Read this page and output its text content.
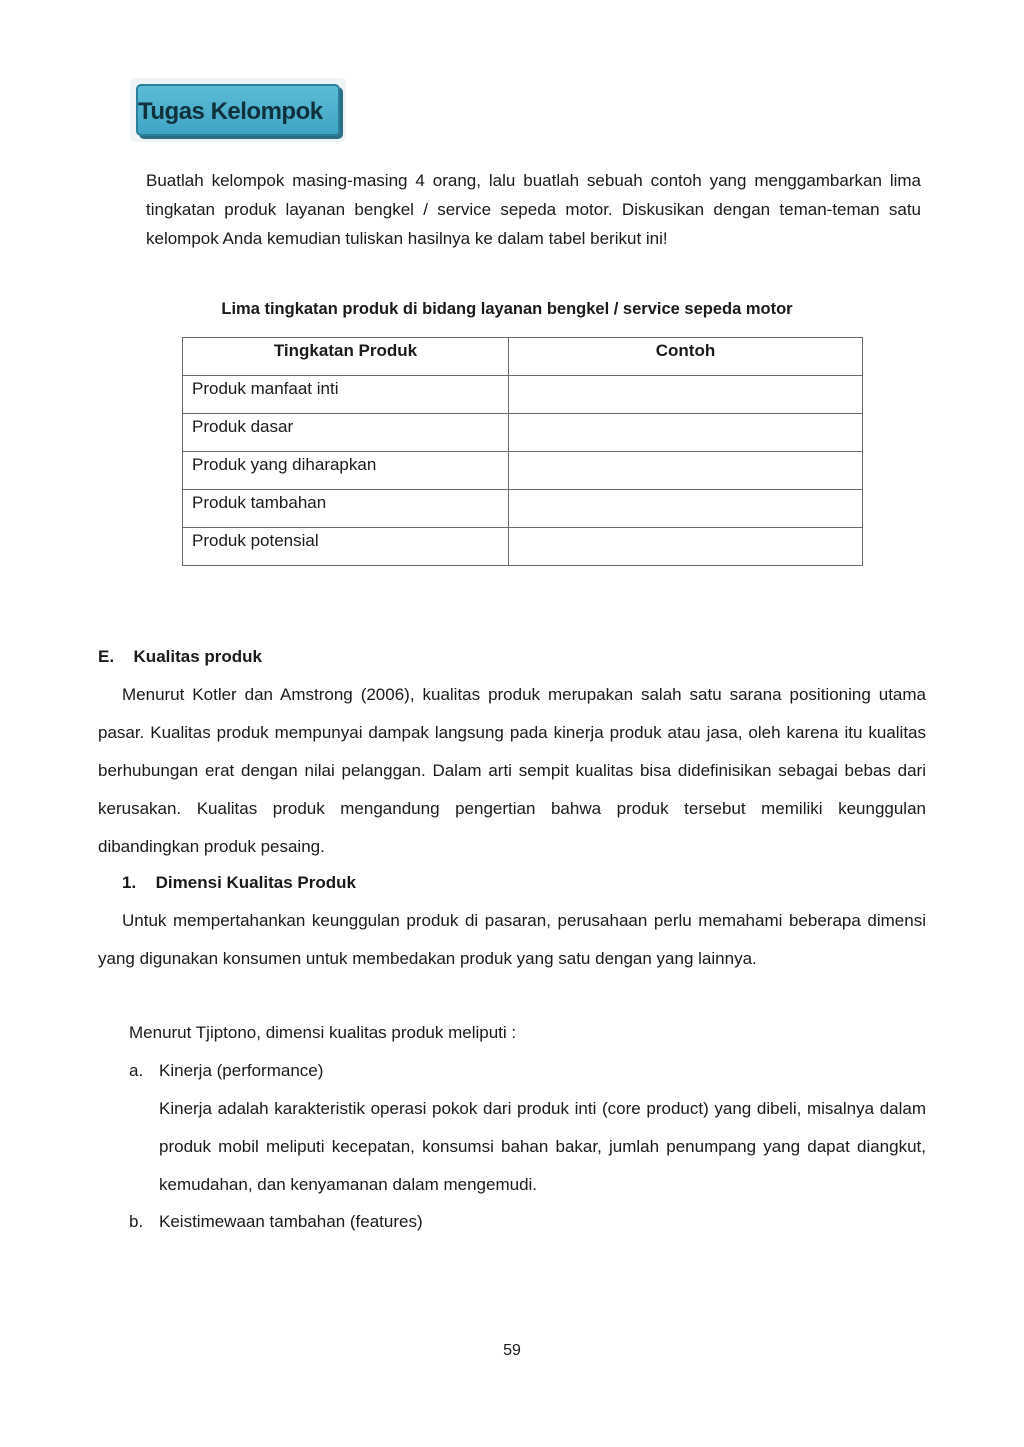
Tugas Kelompok
Buatlah kelompok masing-masing 4 orang, lalu buatlah sebuah contoh yang menggambarkan lima tingkatan produk layanan bengkel / service sepeda motor. Diskusikan dengan teman-teman satu kelompok Anda kemudian tuliskan hasilnya ke dalam tabel berikut ini!
Lima tingkatan produk di bidang layanan bengkel / service sepeda motor
Tingkatan Produk	Contoh
Produk manfaat inti	
Produk dasar	
Produk yang diharapkan	
Produk tambahan	
Produk potensial	
E. Kualitas produk
Menurut Kotler dan Amstrong (2006), kualitas produk merupakan salah satu sarana positioning utama pasar. Kualitas produk mempunyai dampak langsung pada kinerja produk atau jasa, oleh karena itu kualitas berhubungan erat dengan nilai pelanggan. Dalam arti sempit kualitas bisa didefinisikan sebagai bebas dari kerusakan. Kualitas produk mengandung pengertian bahwa produk tersebut memiliki keunggulan dibandingkan produk pesaing.
1. Dimensi Kualitas Produk
Untuk mempertahankan keunggulan produk di pasaran, perusahaan perlu memahami beberapa dimensi yang digunakan konsumen untuk membedakan produk yang satu dengan yang lainnya.
Menurut Tjiptono, dimensi kualitas produk meliputi :
a. Kinerja (performance)
Kinerja adalah karakteristik operasi pokok dari produk inti (core product) yang dibeli, misalnya dalam produk mobil meliputi kecepatan, konsumsi bahan bakar, jumlah penumpang yang dapat diangkut, kemudahan, dan kenyamanan dalam mengemudi.
b. Keistimewaan tambahan (features)
59
